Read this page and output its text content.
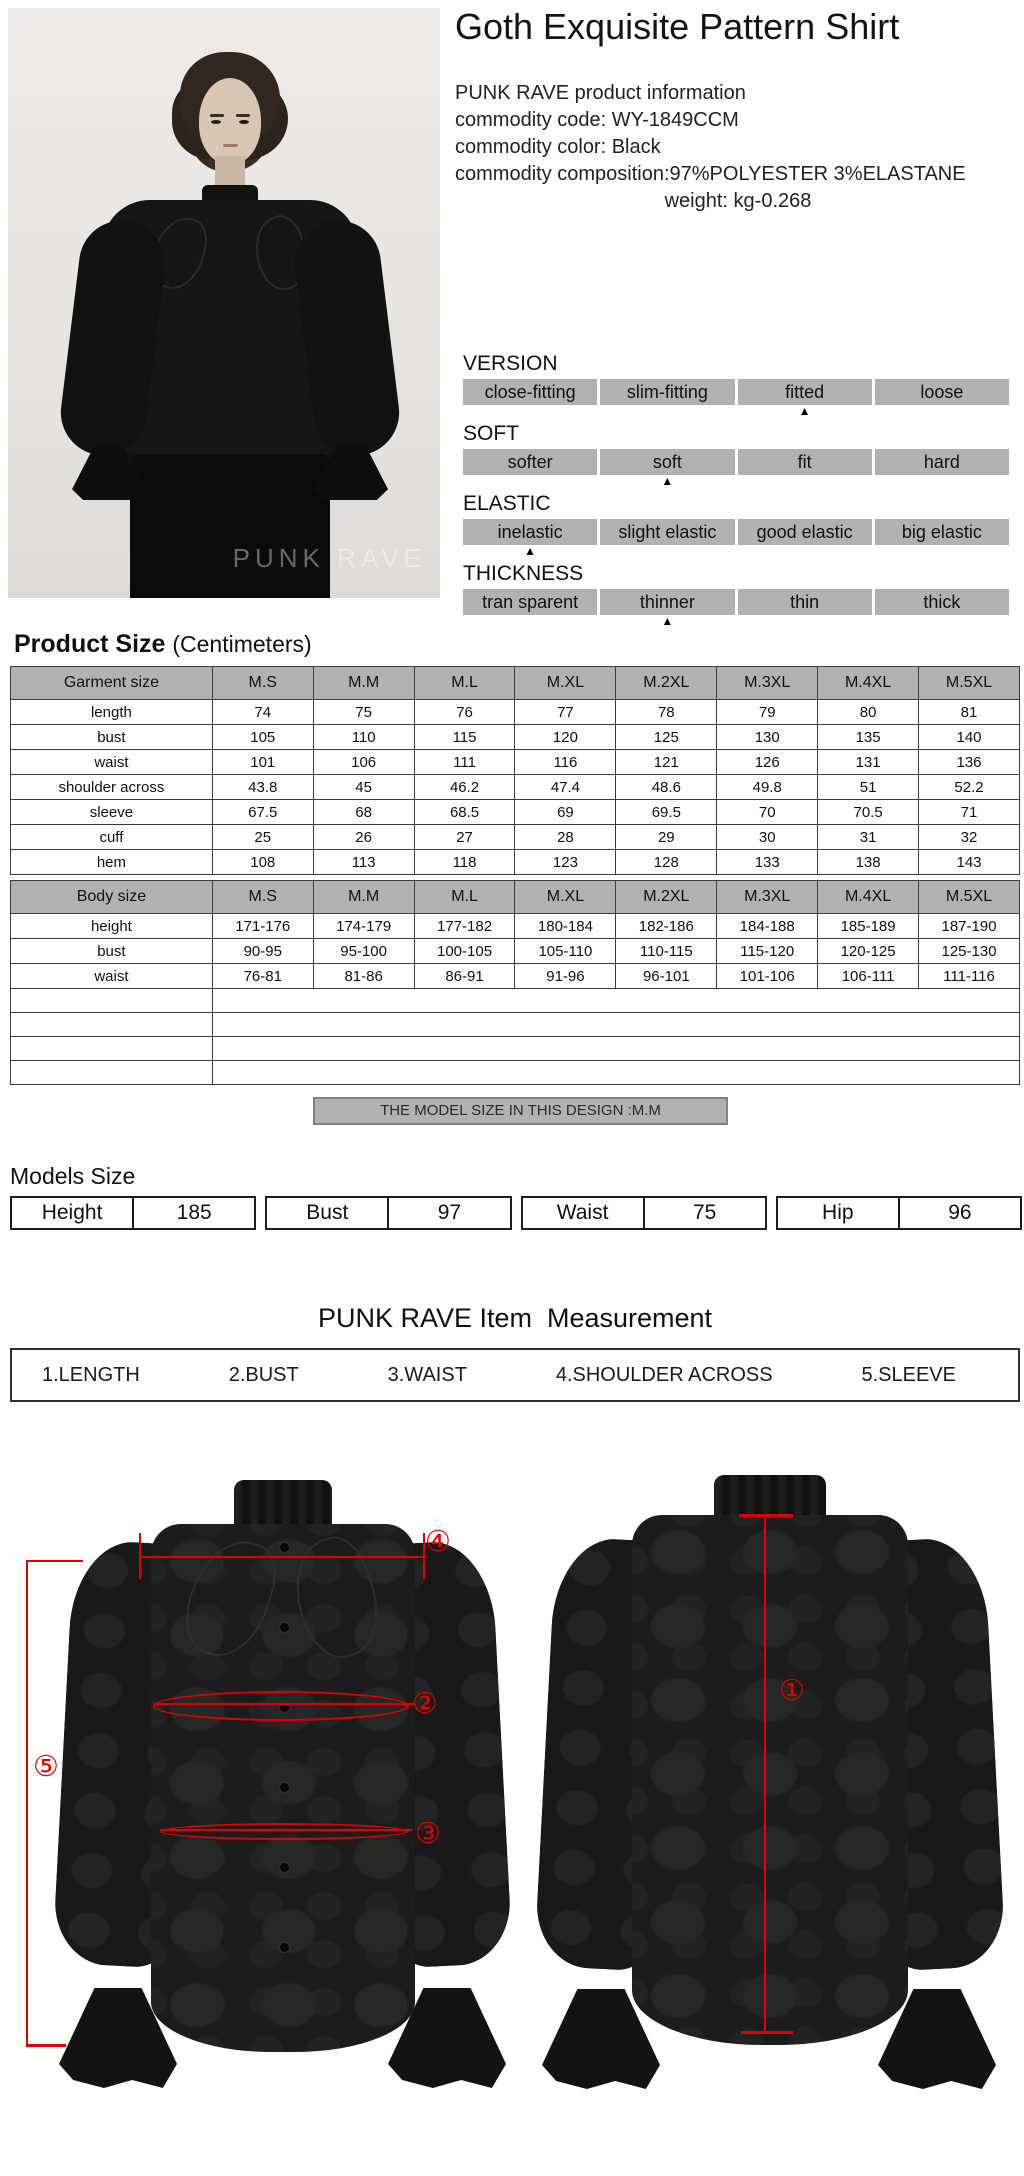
PUNK RAVE
Goth Exquisite Pattern Shirt
PUNK RAVE product information
commodity code: WY-1849CCM
commodity color: Black
commodity composition:97%POLYESTER 3%ELASTANE
weight: kg-0.268
VERSION
close-fitting	slim-fitting	fitted	loose
▲
SOFT
softer	soft	fit	hard
▲
ELASTIC
inelastic	slight elastic	good elastic	big elastic
▲
THICKNESS
tran sparent	thinner	thin	thick
▲
Product Size (Centimeters)
Garment size	M.S	M.M	M.L	M.XL	M.2XL	M.3XL	M.4XL	M.5XL
length	74	75	76	77	78	79	80	81
bust	105	110	115	120	125	130	135	140
waist	101	106	111	116	121	126	131	136
shoulder across	43.8	45	46.2	47.4	48.6	49.8	51	52.2
sleeve	67.5	68	68.5	69	69.5	70	70.5	71
cuff	25	26	27	28	29	30	31	32
hem	108	113	118	123	128	133	138	143
Body size	M.S	M.M	M.L	M.XL	M.2XL	M.3XL	M.4XL	M.5XL
height	171-176	174-179	177-182	180-184	182-186	184-188	185-189	187-190
bust	90-95	95-100	100-105	105-110	110-115	115-120	120-125	125-130
waist	76-81	81-86	86-91	91-96	96-101	101-106	106-111	111-116

THE MODEL SIZE IN THIS DESIGN :M.M
Models Size
Height	185	Bust	97	Waist	75	Hip	96
PUNK RAVE Item  Measurement
1.LENGTH	2.BUST	3.WAIST	4.SHOULDER ACROSS	5.SLEEVE
④
②
③
⑤
①
